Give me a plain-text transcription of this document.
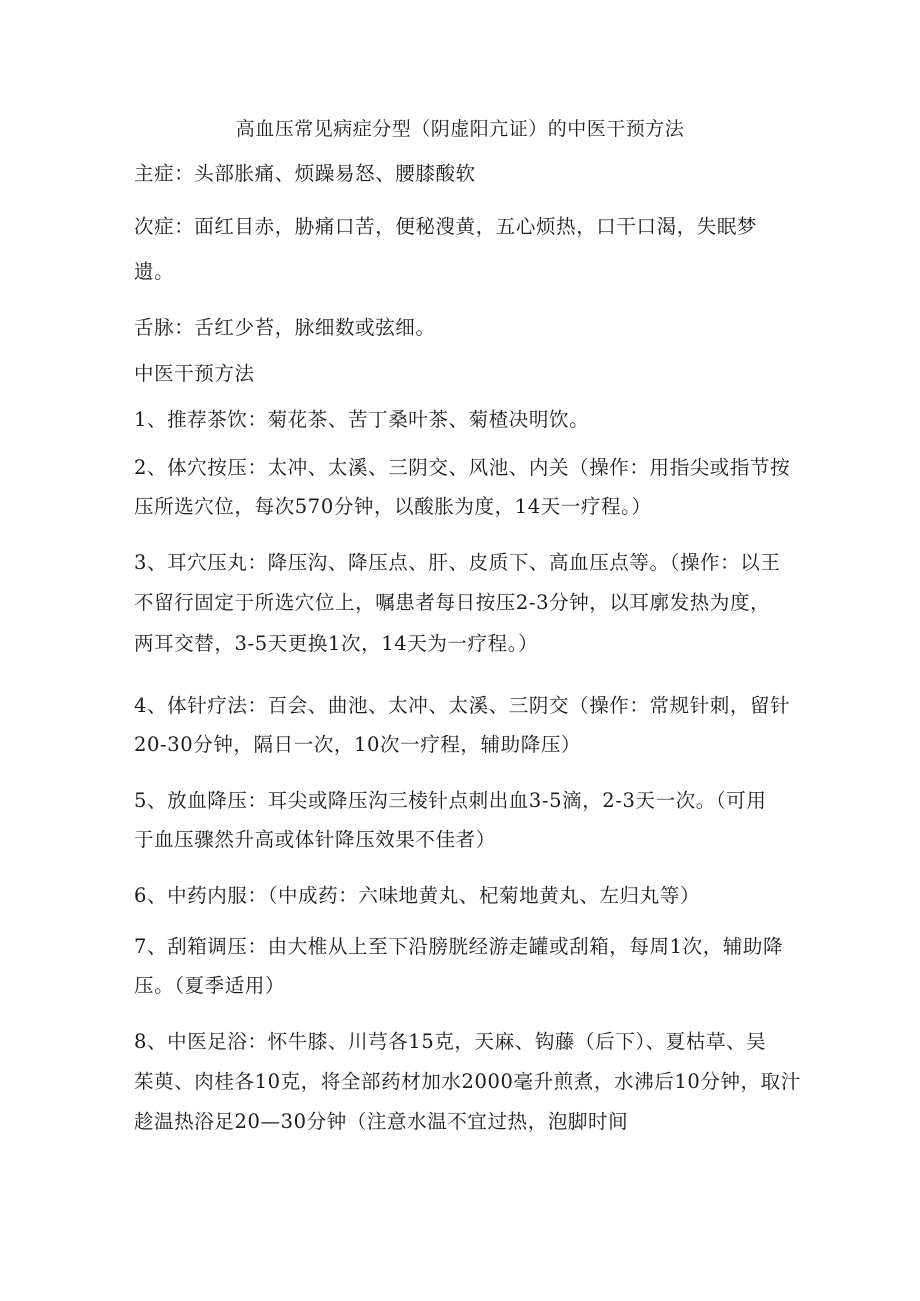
高血压常见病症分型（阴虚阳亢证）的中医干预方法
主症：头部胀痛、烦躁易怒、腰膝酸软
次症：面红目赤，胁痛口苦，便秘溲黄，五心烦热，口干口渴，失眠梦
遗。
舌脉：舌红少苔，脉细数或弦细。
中医干预方法
1、推荐茶饮：菊花茶、苦丁桑叶茶、菊楂决明饮。
2、体穴按压：太冲、太溪、三阴交、风池、内关（操作：用指尖或指节按
压所选穴位，每次570分钟，以酸胀为度，14天一疗程。）
3、耳穴压丸：降压沟、降压点、肝、皮质下、高血压点等。（操作：以王
不留行固定于所选穴位上，嘱患者每日按压2-3分钟，以耳廓发热为度，
两耳交替，3-5天更换1次，14天为一疗程。）
4、体针疗法：百会、曲池、太冲、太溪、三阴交（操作：常规针刺，留针
20-30分钟，隔日一次，10次一疗程，辅助降压）
5、放血降压：耳尖或降压沟三棱针点刺出血3-5滴，2-3天一次。（可用
于血压骤然升高或体针降压效果不佳者）
6、中药内服：（中成药：六味地黄丸、杞菊地黄丸、左归丸等）
7、刮箱调压：由大椎从上至下沿膀胱经游走罐或刮箱，每周1次，辅助降
压。（夏季适用）
8、中医足浴：怀牛膝、川芎各15克，天麻、钩藤（后下）、夏枯草、吴
茱萸、肉桂各10克，将全部药材加水2000毫升煎煮，水沸后10分钟，取汁
趁温热浴足20—30分钟（注意水温不宜过热，泡脚时间
